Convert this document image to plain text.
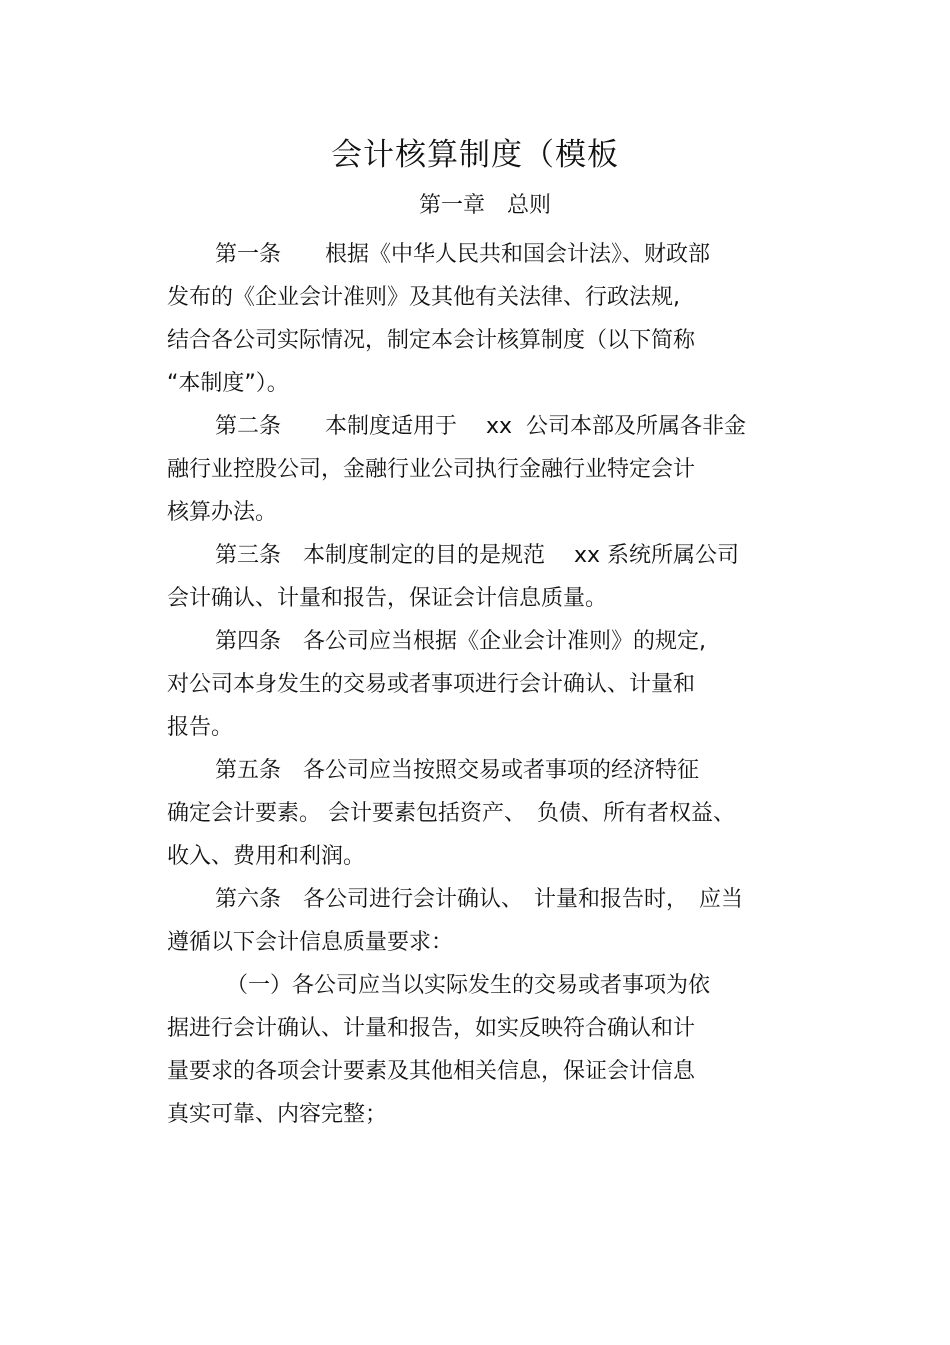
会计核算制度（模板
第一章　总则
第一条　　根据《中华人民共和国会计法》、财政部
发布的《企业会计准则》及其他有关法律、行政法规,
结合各公司实际情况，制定本会计核算制度（以下简称
“本制度”）。
第二条　　本制度适用于　 xx  公司本部及所属各非金
融行业控股公司，金融行业公司执行金融行业特定会计
核算办法。
第三条　本制度制定的目的是规范　 xx 系统所属公司
会计确认、计量和报告，保证会计信息质量。
第四条　各公司应当根据《企业会计准则》的规定,
对公司本身发生的交易或者事项进行会计确认、计量和
报告。
第五条　各公司应当按照交易或者事项的经济特征
确定会计要素。 会计要素包括资产、　负债、所有者权益、
收入、费用和利润。
第六条　各公司进行会计确认、　计量和报告时，　应当
遵循以下会计信息质量要求：
（一）各公司应当以实际发生的交易或者事项为依
据进行会计确认、计量和报告，如实反映符合确认和计
量要求的各项会计要素及其他相关信息，保证会计信息
真实可靠、内容完整；
